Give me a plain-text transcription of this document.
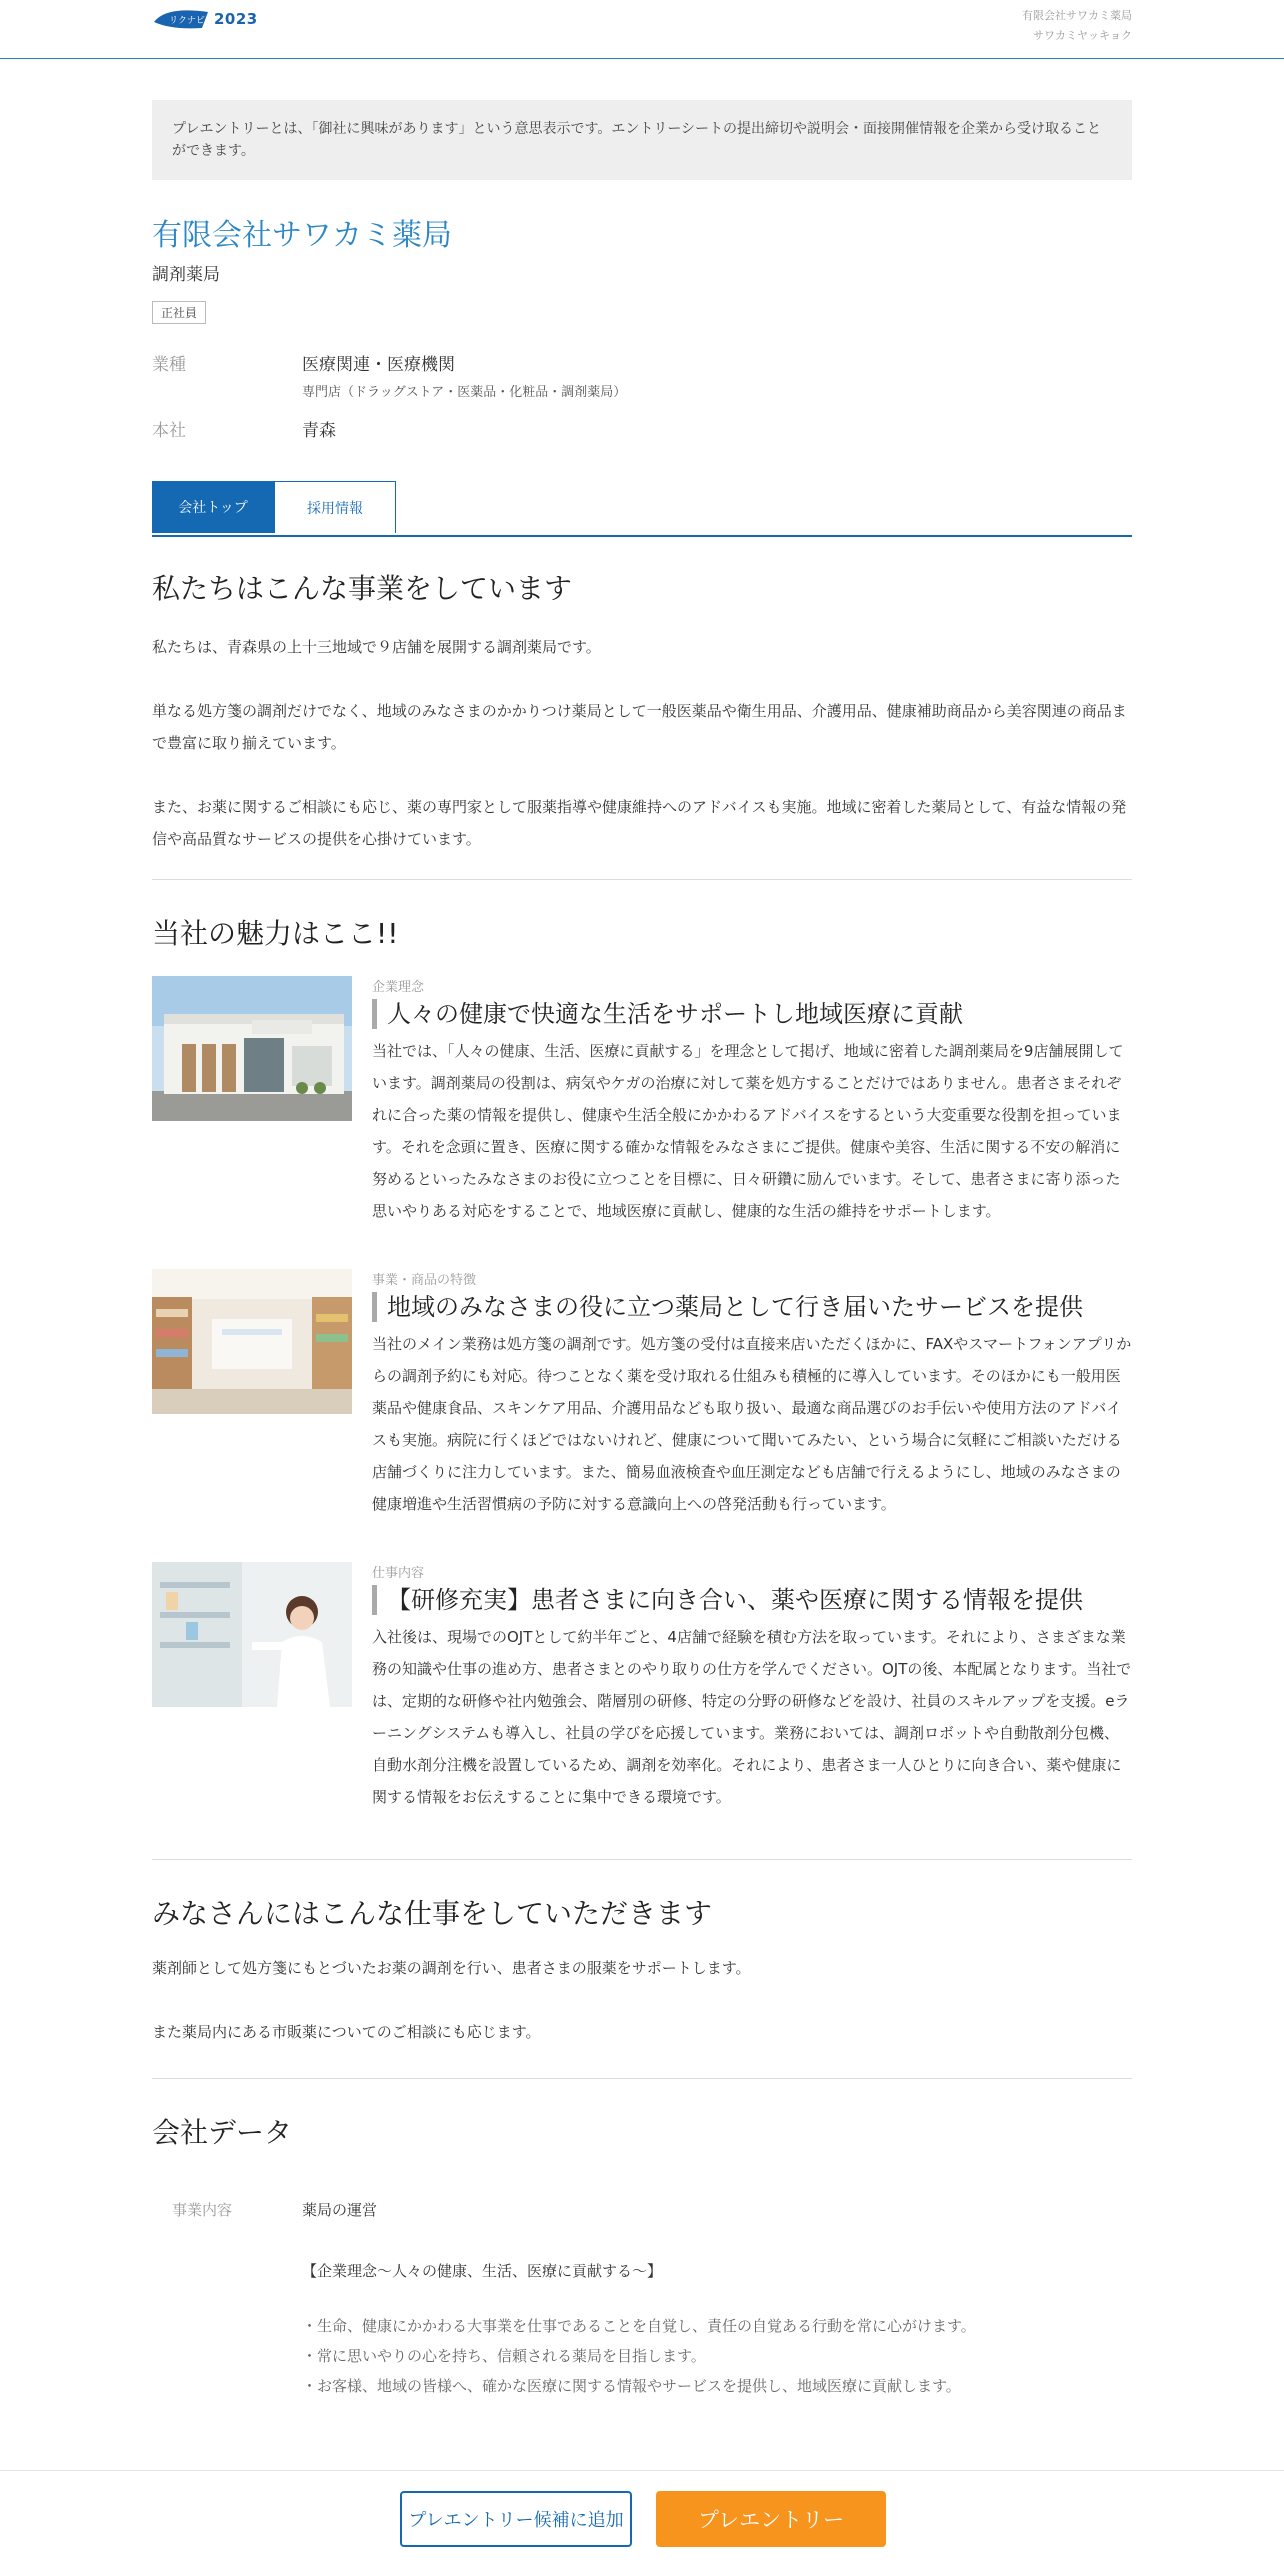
リクナビ 2023	有限会社サワカミ薬局
サワカミヤッキョク
プレエントリーとは、「御社に興味があります」という意思表示です。エントリーシートの提出締切や説明会・面接開催情報を企業から受け取ることができます。
有限会社サワカミ薬局
調剤薬局
正社員
業種	医療関連・医療機関
専門店（ドラッグストア・医薬品・化粧品・調剤薬局）
本社	青森
会社トップ	採用情報
私たちはこんな事業をしています

私たちは、青森県の上十三地域で９店舗を展開する調剤薬局です。

単なる処方箋の調剤だけでなく、地域のみなさまのかかりつけ薬局として一般医薬品や衛生用品、介護用品、健康補助商品から美容関連の商品まで豊富に取り揃えています。

また、お薬に関するご相談にも応じ、薬の専門家として服薬指導や健康維持へのアドバイスも実施。地域に密着した薬局として、有益な情報の発信や高品質なサービスの提供を心掛けています。

当社の魅力はここ!!
企業理念
人々の健康で快適な生活をサポートし地域医療に貢献
当社では、「人々の健康、生活、医療に貢献する」を理念として掲げ、地域に密着した調剤薬局を9店舗展開しています。調剤薬局の役割は、病気やケガの治療に対して薬を処方することだけではありません。患者さまそれぞれに合った薬の情報を提供し、健康や生活全般にかかわるアドバイスをするという大変重要な役割を担っています。それを念頭に置き、医療に関する確かな情報をみなさまにご提供。健康や美容、生活に関する不安の解消に努めるといったみなさまのお役に立つことを目標に、日々研鑽に励んでいます。そして、患者さまに寄り添った思いやりある対応をすることで、地域医療に貢献し、健康的な生活の維持をサポートします。
事業・商品の特徴
地域のみなさまの役に立つ薬局として行き届いたサービスを提供
当社のメイン業務は処方箋の調剤です。処方箋の受付は直接来店いただくほかに、FAXやスマートフォンアプリからの調剤予約にも対応。待つことなく薬を受け取れる仕組みも積極的に導入しています。そのほかにも一般用医薬品や健康食品、スキンケア用品、介護用品なども取り扱い、最適な商品選びのお手伝いや使用方法のアドバイスも実施。病院に行くほどではないけれど、健康について聞いてみたい、という場合に気軽にご相談いただける店舗づくりに注力しています。また、簡易血液検査や血圧測定なども店舗で行えるようにし、地域のみなさまの健康増進や生活習慣病の予防に対する意識向上への啓発活動も行っています。
仕事内容
【研修充実】患者さまに向き合い、薬や医療に関する情報を提供
入社後は、現場でのOJTとして約半年ごと、4店舗で経験を積む方法を取っています。それにより、さまざまな業務の知識や仕事の進め方、患者さまとのやり取りの仕方を学んでください。OJTの後、本配属となります。当社では、定期的な研修や社内勉強会、階層別の研修、特定の分野の研修などを設け、社員のスキルアップを支援。eラーニングシステムも導入し、社員の学びを応援しています。業務においては、調剤ロボットや自動散剤分包機、自動水剤分注機を設置しているため、調剤を効率化。それにより、患者さま一人ひとりに向き合い、薬や健康に関する情報をお伝えすることに集中できる環境です。
みなさんにはこんな仕事をしていただきます

薬剤師として処方箋にもとづいたお薬の調剤を行い、患者さまの服薬をサポートします。

また薬局内にある市販薬についてのご相談にも応じます。

会社データ
事業内容	薬局の運営
【企業理念～人々の健康、生活、医療に貢献する～】
・生命、健康にかかわる大事業を仕事であることを自覚し、責任の自覚ある行動を常に心がけます。
・常に思いやりの心を持ち、信頼される薬局を目指します。
・お客様、地域の皆様へ、確かな医療に関する情報やサービスを提供し、地域医療に貢献します。
プレエントリー候補に追加	プレエントリー
